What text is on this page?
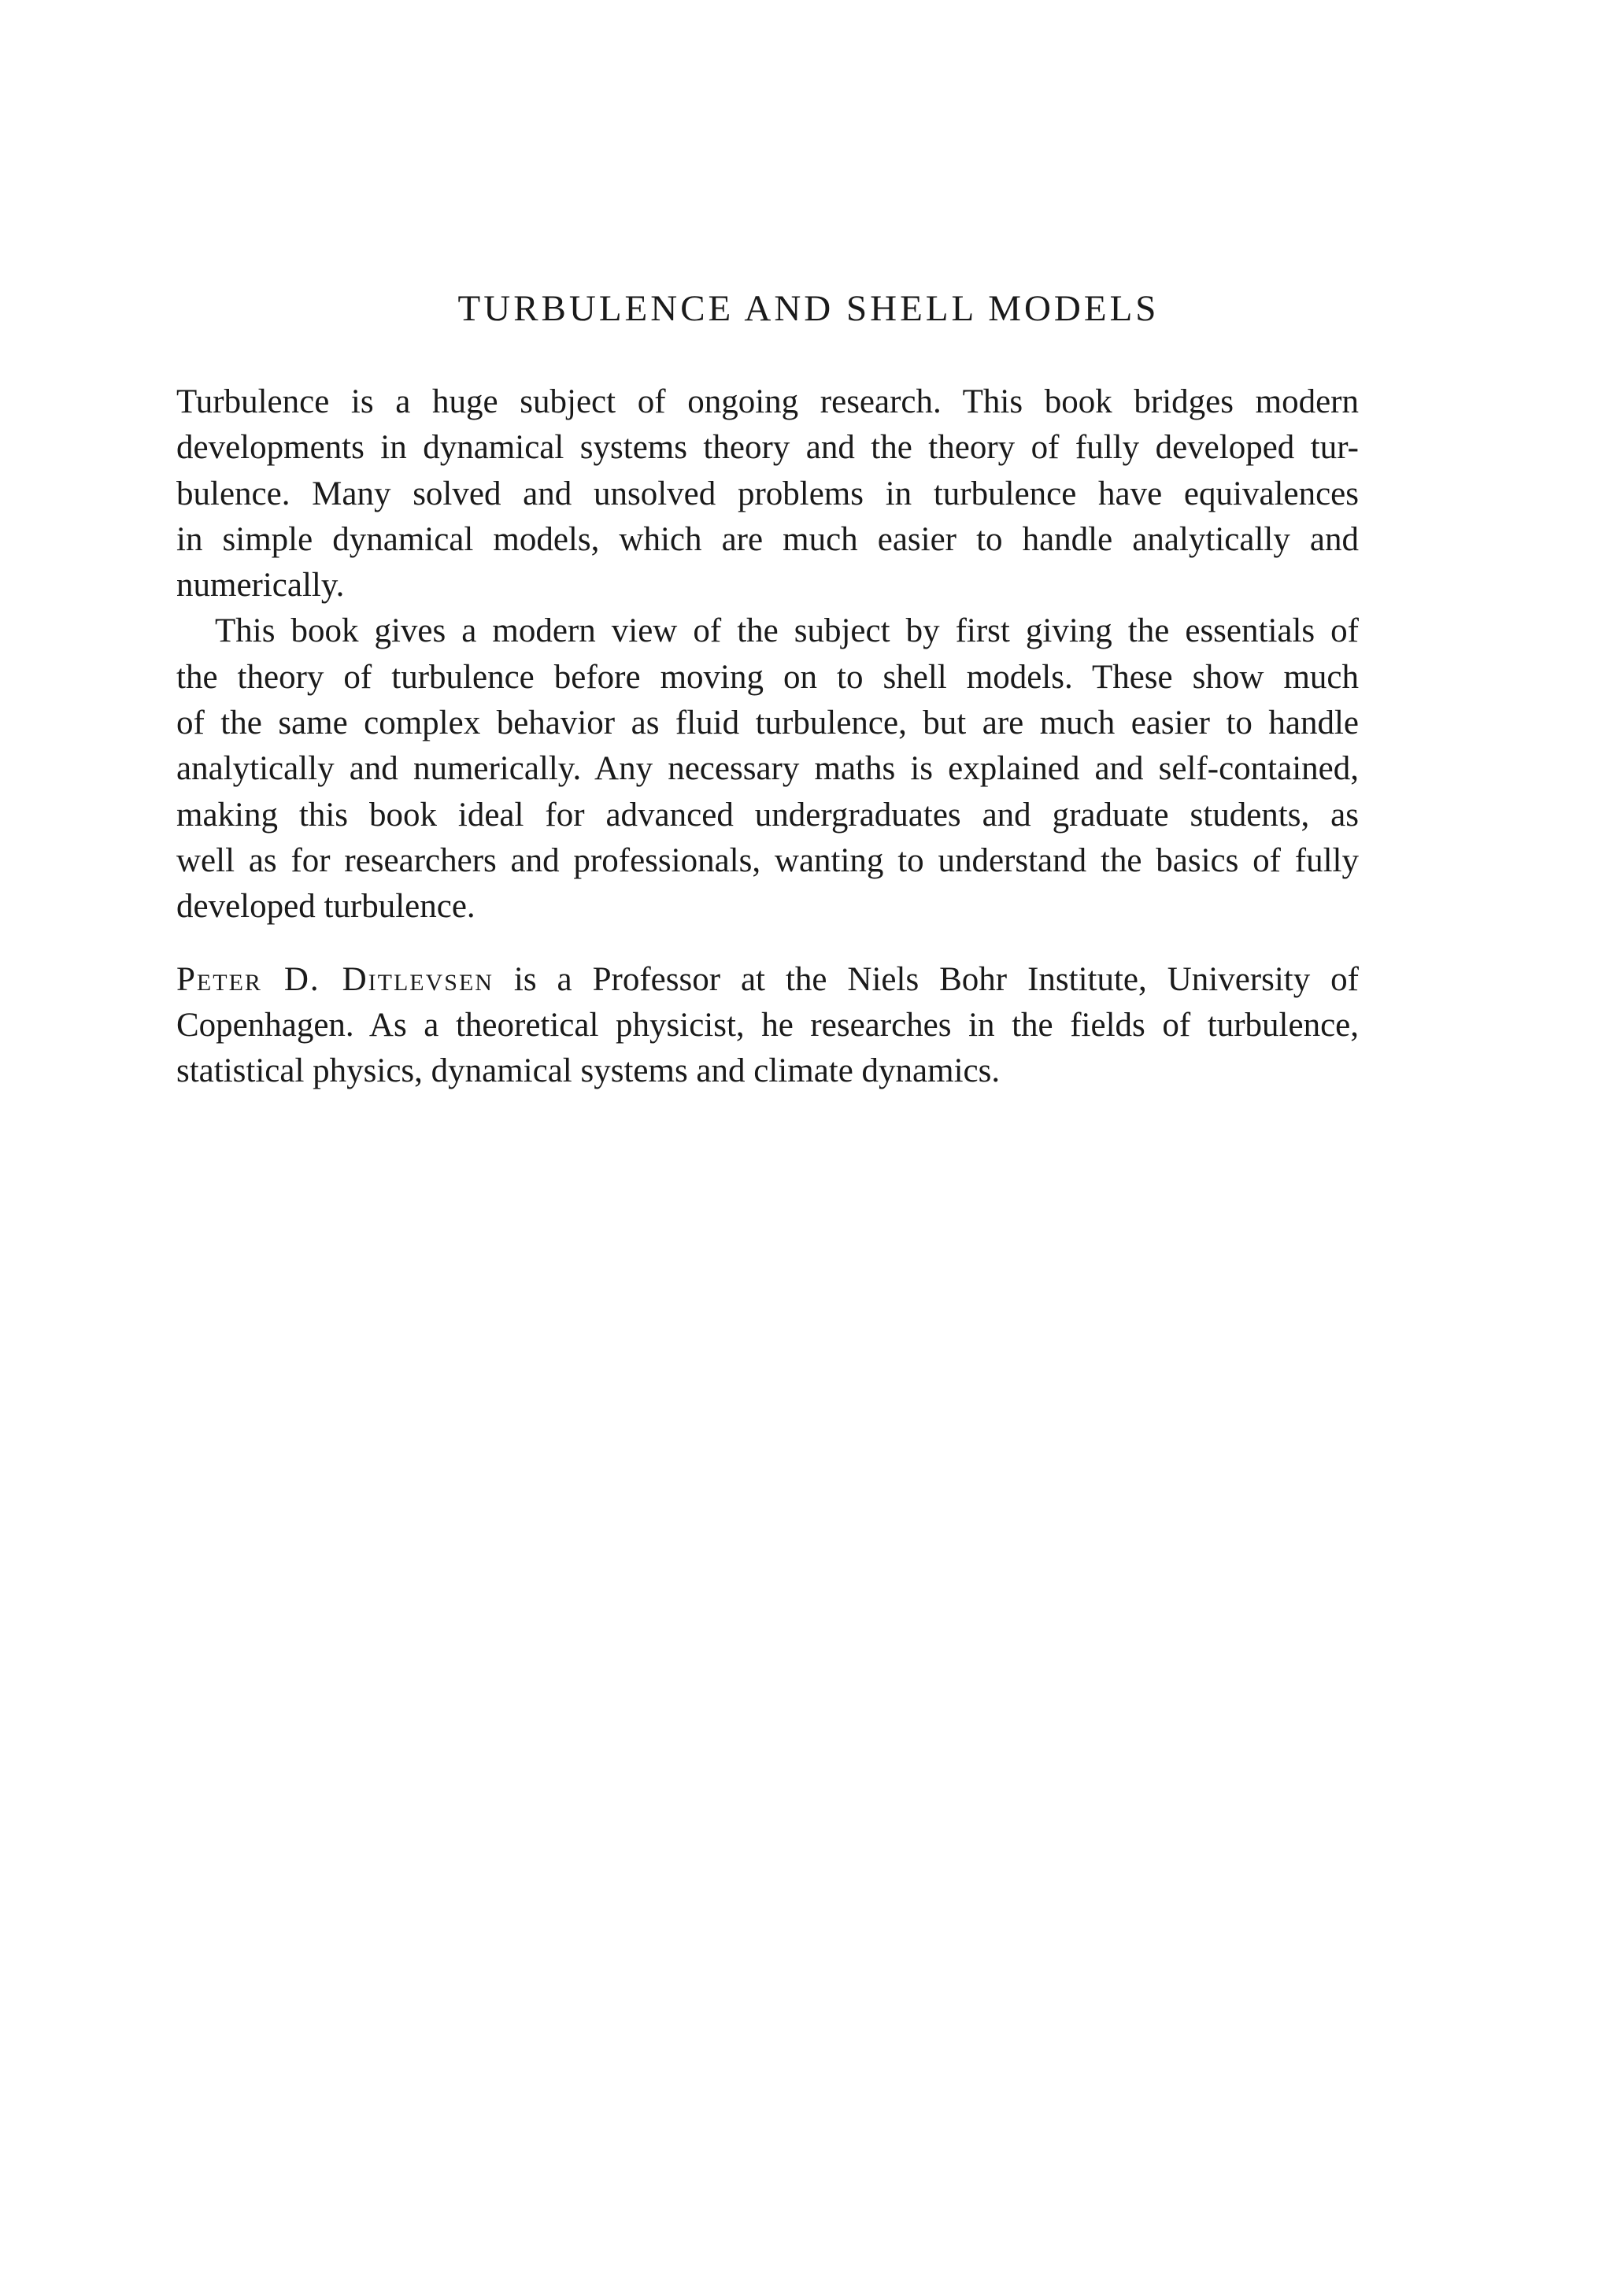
TURBULENCE AND SHELL MODELS
Turbulence is a huge subject of ongoing research. This book bridges modern
developments in dynamical systems theory and the theory of fully developed tur-
bulence. Many solved and unsolved problems in turbulence have equivalences
in simple dynamical models, which are much easier to handle analytically and
numerically.
This book gives a modern view of the subject by first giving the essentials of
the theory of turbulence before moving on to shell models. These show much
of the same complex behavior as fluid turbulence, but are much easier to handle
analytically and numerically. Any necessary maths is explained and self-contained,
making this book ideal for advanced undergraduates and graduate students, as
well as for researchers and professionals, wanting to understand the basics of fully
developed turbulence.
Peter D. Ditlevsen is a Professor at the Niels Bohr Institute, University of
Copenhagen. As a theoretical physicist, he researches in the fields of turbulence,
statistical physics, dynamical systems and climate dynamics.
